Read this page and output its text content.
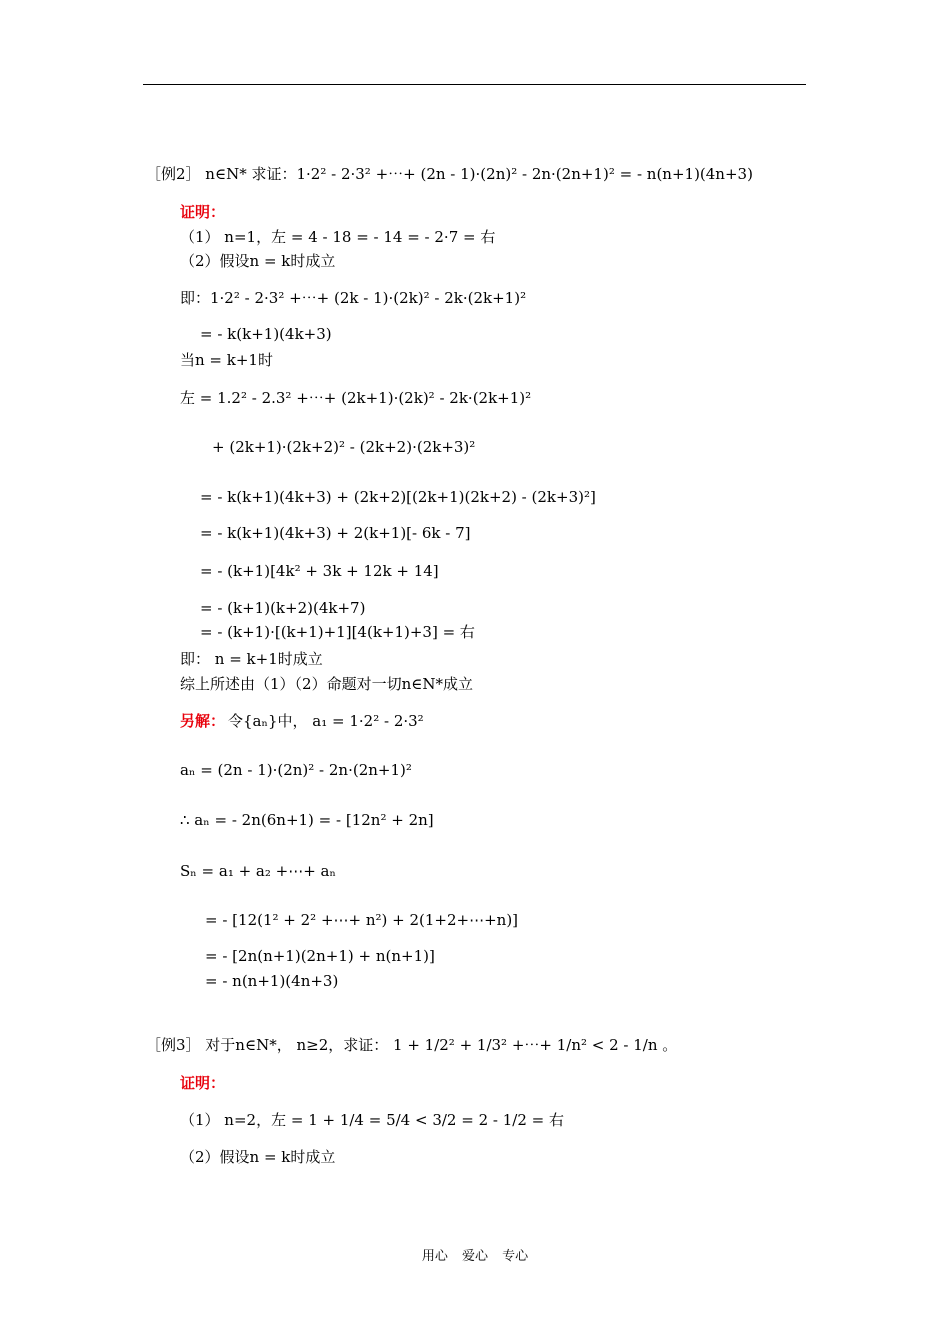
［例2］ n∈N* 求证：1·2² - 2·3² +⋯+ (2n - 1)·(2n)² - 2n·(2n+1)² = - n(n+1)(4n+3)
证明：
（1） n=1，左 = 4 - 18 = - 14 = - 2·7 = 右
（2）假设n = k时成立
即：1·2² - 2·3² +⋯+ (2k - 1)·(2k)² - 2k·(2k+1)²
= - k(k+1)(4k+3)
当n = k+1时
左 = 1.2² - 2.3² +⋯+ (2k+1)·(2k)² - 2k·(2k+1)²
+ (2k+1)·(2k+2)² - (2k+2)·(2k+3)²
= - k(k+1)(4k+3) + (2k+2)[(2k+1)(2k+2) - (2k+3)²]
= - k(k+1)(4k+3) + 2(k+1)[- 6k - 7]
= - (k+1)[4k² + 3k + 12k + 14]
= - (k+1)(k+2)(4k+7)
= - (k+1)·[(k+1)+1][4(k+1)+3] = 右
即： n = k+1时成立
综上所述由（1）（2）命题对一切n∈N*成立
另解： 令{aₙ}中， a₁ = 1·2² - 2·3²
aₙ = (2n - 1)·(2n)² - 2n·(2n+1)²
∴ aₙ = - 2n(6n+1) = - [12n² + 2n]
Sₙ = a₁ + a₂ +⋯+ aₙ
= - [12(1² + 2² +⋯+ n²) + 2(1+2+⋯+n)]
= - [2n(n+1)(2n+1) + n(n+1)]
= - n(n+1)(4n+3)
［例3］ 对于n∈N*， n≥2，求证： 1 + 1/2² + 1/3² +⋯+ 1/n² < 2 - 1/n 。
证明：
（1） n=2，左 = 1 + 1/4 = 5/4 < 3/2 = 2 - 1/2 = 右
（2）假设n = k时成立
用心 爱心 专心
